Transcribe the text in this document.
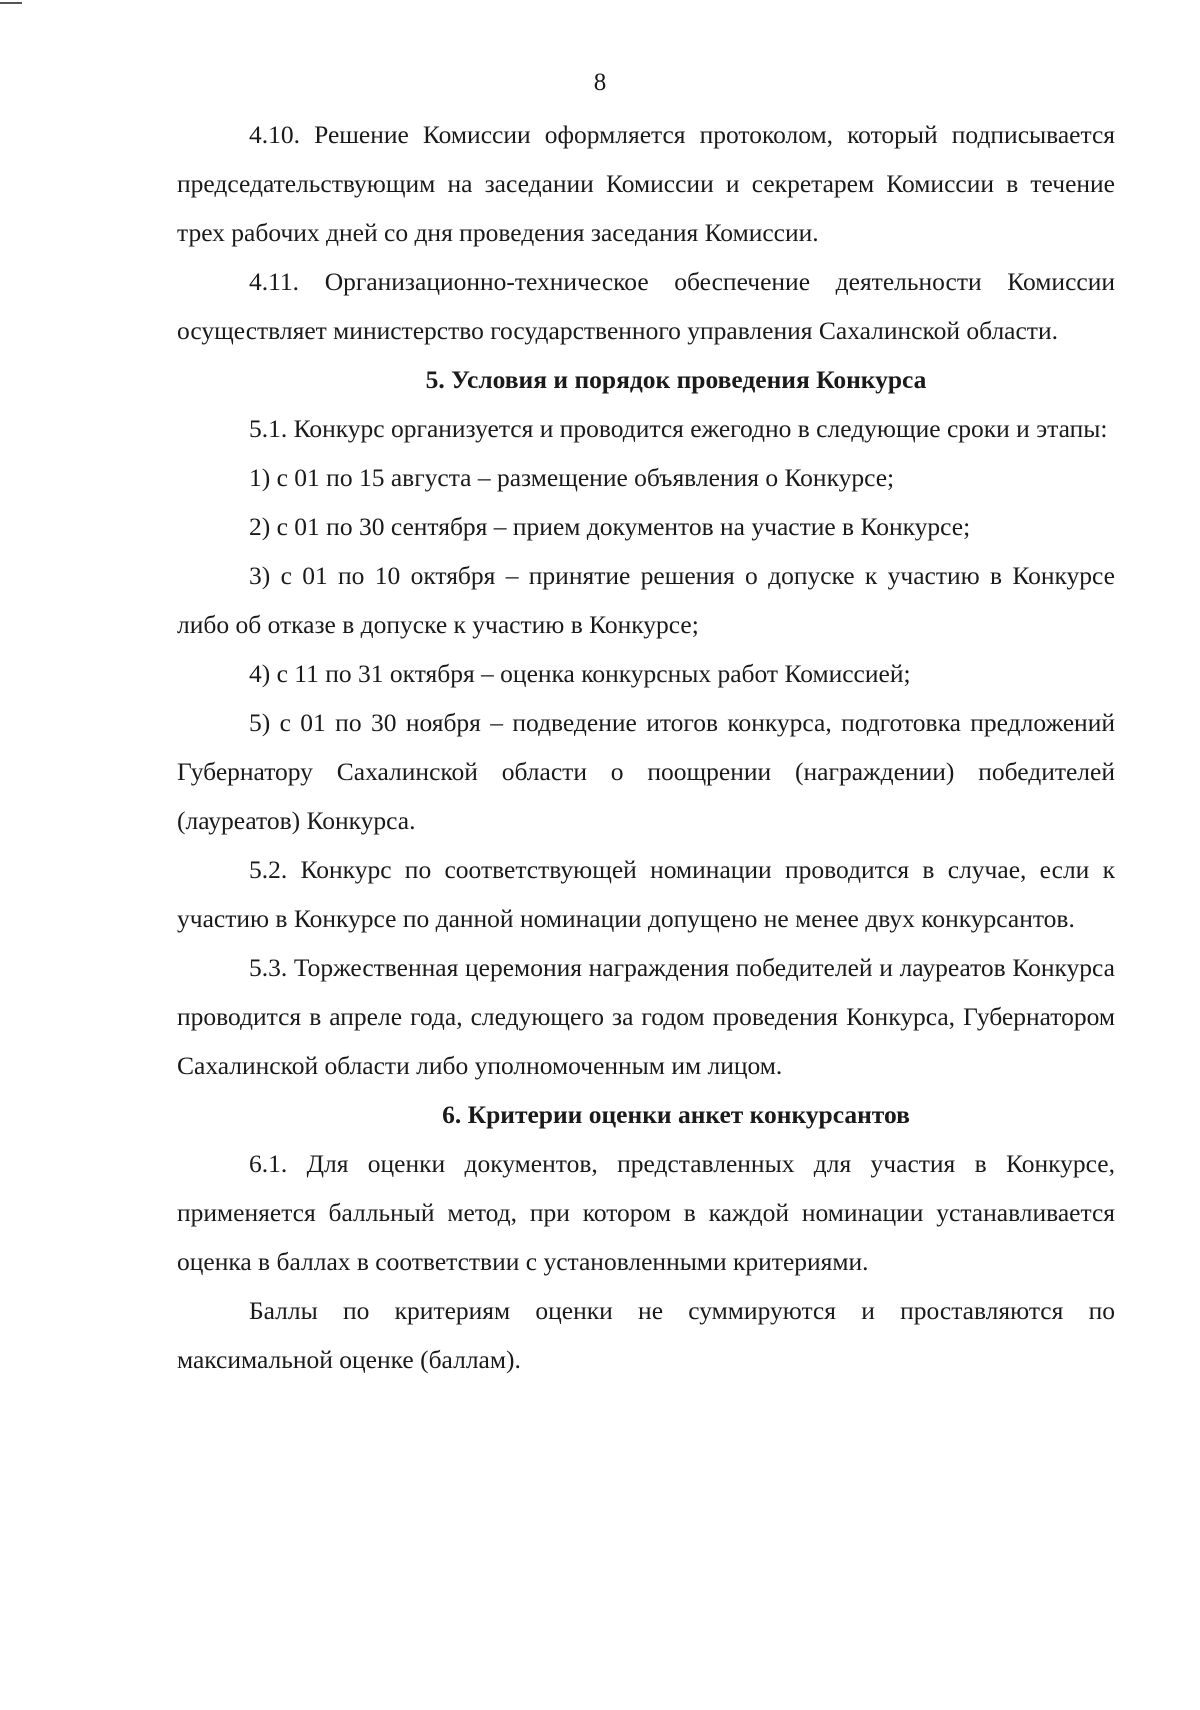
8

4.10. Решение Комиссии оформляется протоколом, который подписывается председательствующим на заседании Комиссии и секретарем Комиссии в течение трех рабочих дней со дня проведения заседания Комиссии.

4.11. Организационно-техническое обеспечение деятельности Комиссии осуществляет министерство государственного управления Сахалинской области.

5. Условия и порядок проведения Конкурса

5.1. Конкурс организуется и проводится ежегодно в следующие сроки и этапы:

1) с 01 по 15 августа – размещение объявления о Конкурсе;

2) с 01 по 30 сентября – прием документов на участие в Конкурсе;

3) с 01 по 10 октября – принятие решения о допуске к участию в Конкурсе либо об отказе в допуске к участию в Конкурсе;

4) с 11 по 31 октября – оценка конкурсных работ Комиссией;

5) с 01 по 30 ноября – подведение итогов конкурса, подготовка предложений Губернатору Сахалинской области о поощрении (награждении) победителей (лауреатов) Конкурса.

5.2. Конкурс по соответствующей номинации проводится в случае, если к участию в Конкурсе по данной номинации допущено не менее двух конкурсантов.

5.3. Торжественная церемония награждения победителей и лауреатов Конкурса проводится в апреле года, следующего за годом проведения Конкурса, Губернатором Сахалинской области либо уполномоченным им лицом.

6. Критерии оценки анкет конкурсантов

6.1. Для оценки документов, представленных для участия в Конкурсе, применяется балльный метод, при котором в каждой номинации устанавливается оценка в баллах в соответствии с установленными критериями.

Баллы по критериям оценки не суммируются и проставляются по максимальной оценке (баллам).
